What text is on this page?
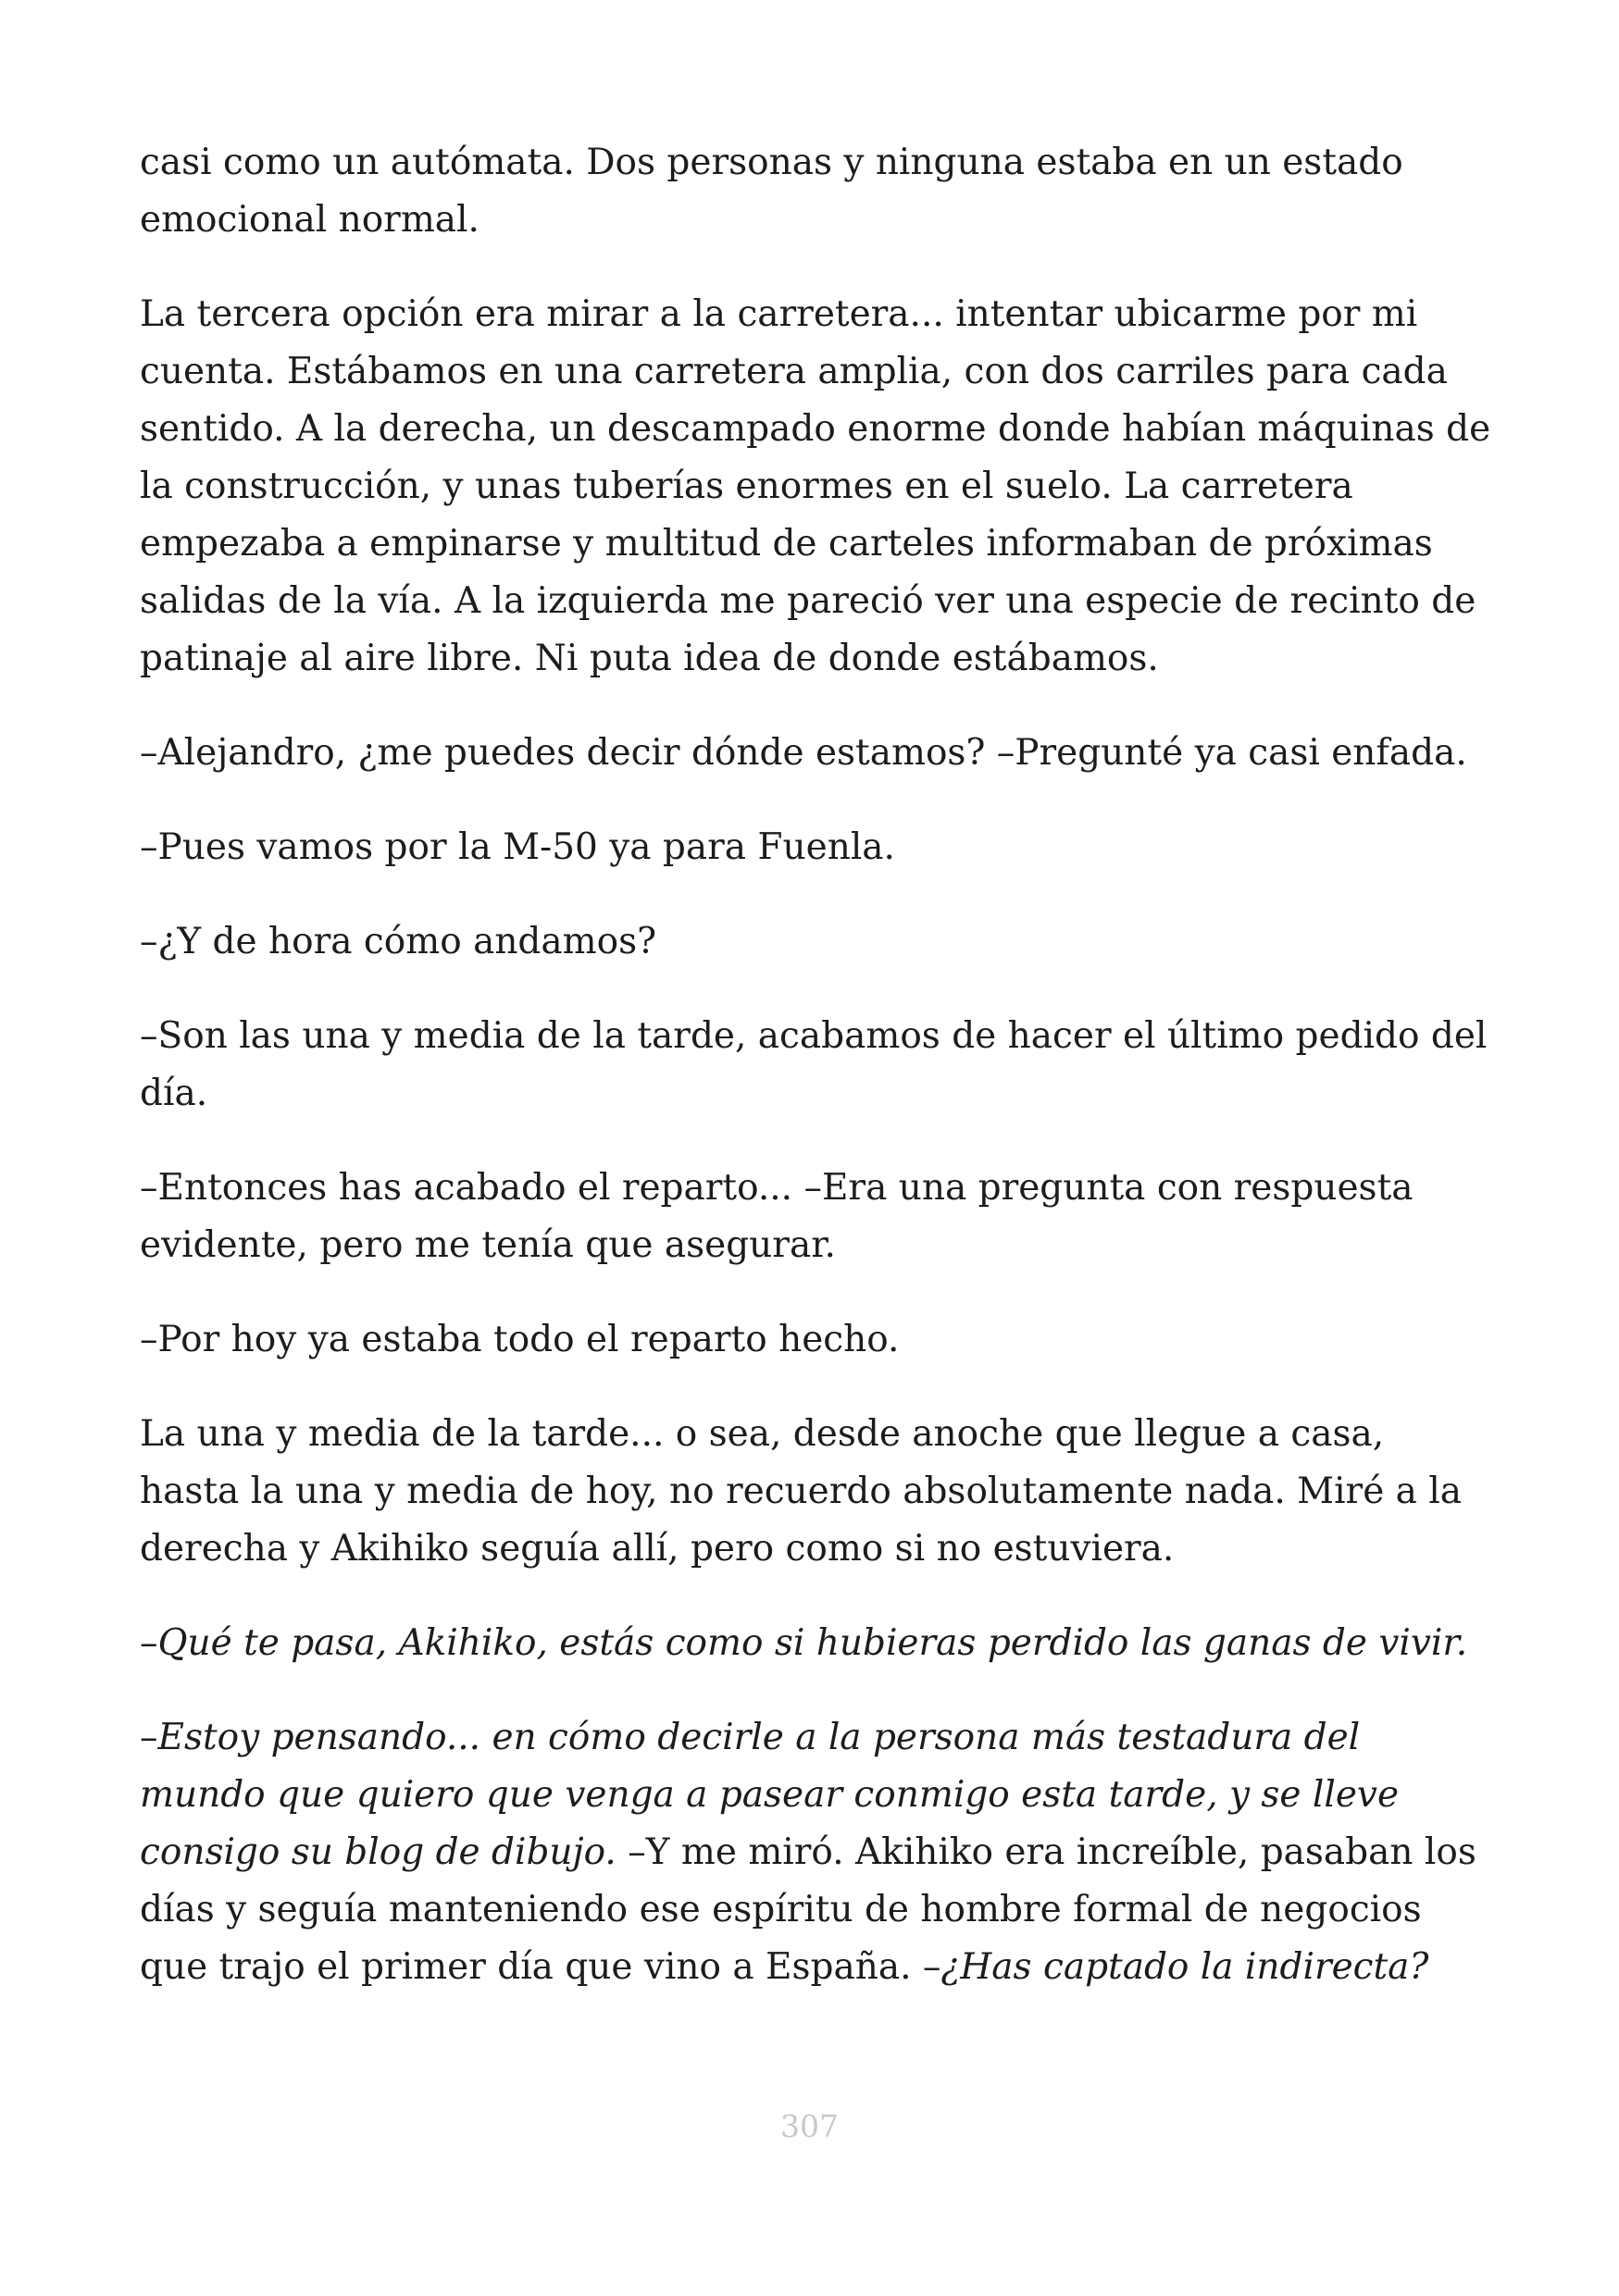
casi como un autómata. Dos personas y ninguna estaba en un estado emocional normal.

La tercera opción era mirar a la carretera... intentar ubicarme por mi cuenta. Estábamos en una carretera amplia, con dos carriles para cada sentido. A la derecha, un descampado enorme donde habían máquinas de la construcción, y unas tuberías enormes en el suelo. La carretera empezaba a empinarse y multitud de carteles informaban de próximas salidas de la vía. A la izquierda me pareció ver una especie de recinto de patinaje al aire libre. Ni puta idea de donde estábamos.

–Alejandro, ¿me puedes decir dónde estamos? –Pregunté ya casi enfada.

–Pues vamos por la M-50 ya para Fuenla.

–¿Y de hora cómo andamos?

–Son las una y media de la tarde, acabamos de hacer el último pedido del día.

–Entonces has acabado el reparto... –Era una pregunta con respuesta evidente, pero me tenía que asegurar.

–Por hoy ya estaba todo el reparto hecho.

La una y media de la tarde... o sea, desde anoche que llegue a casa, hasta la una y media de hoy, no recuerdo absolutamente nada. Miré a la derecha y Akihiko seguía allí, pero como si no estuviera.

–Qué te pasa, Akihiko, estás como si hubieras perdido las ganas de vivir.

–Estoy pensando... en cómo decirle a la persona más testadura del mundo que quiero que venga a pasear conmigo esta tarde, y se lleve consigo su blog de dibujo. –Y me miró. Akihiko era increíble, pasaban los días y seguía manteniendo ese espíritu de hombre formal de negocios que trajo el primer día que vino a España. –¿Has captado la indirecta?

307
